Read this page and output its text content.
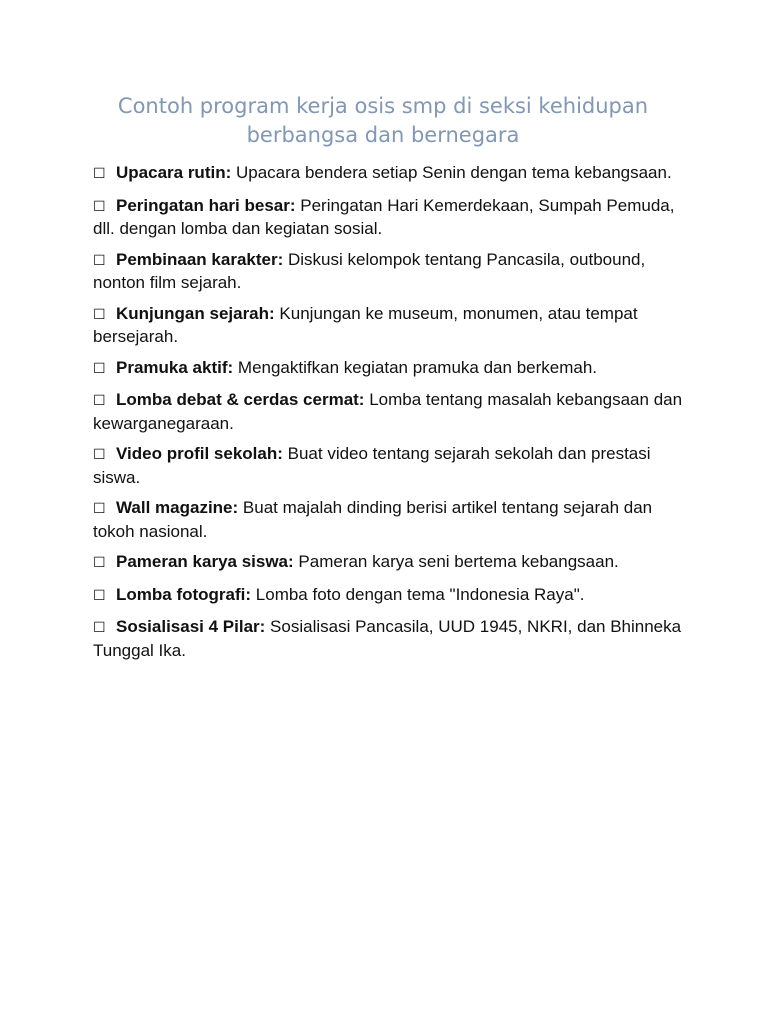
Contoh program kerja osis smp di seksi kehidupan berbangsa dan bernegara
☐ Upacara rutin: Upacara bendera setiap Senin dengan tema kebangsaan.
☐ Peringatan hari besar: Peringatan Hari Kemerdekaan, Sumpah Pemuda, dll. dengan lomba dan kegiatan sosial.
☐ Pembinaan karakter: Diskusi kelompok tentang Pancasila, outbound, nonton film sejarah.
☐ Kunjungan sejarah: Kunjungan ke museum, monumen, atau tempat bersejarah.
☐ Pramuka aktif: Mengaktifkan kegiatan pramuka dan berkemah.
☐ Lomba debat & cerdas cermat: Lomba tentang masalah kebangsaan dan kewarganegaraan.
☐ Video profil sekolah: Buat video tentang sejarah sekolah dan prestasi siswa.
☐ Wall magazine: Buat majalah dinding berisi artikel tentang sejarah dan tokoh nasional.
☐ Pameran karya siswa: Pameran karya seni bertema kebangsaan.
☐ Lomba fotografi: Lomba foto dengan tema "Indonesia Raya".
☐ Sosialisasi 4 Pilar: Sosialisasi Pancasila, UUD 1945, NKRI, dan Bhinneka Tunggal Ika.
